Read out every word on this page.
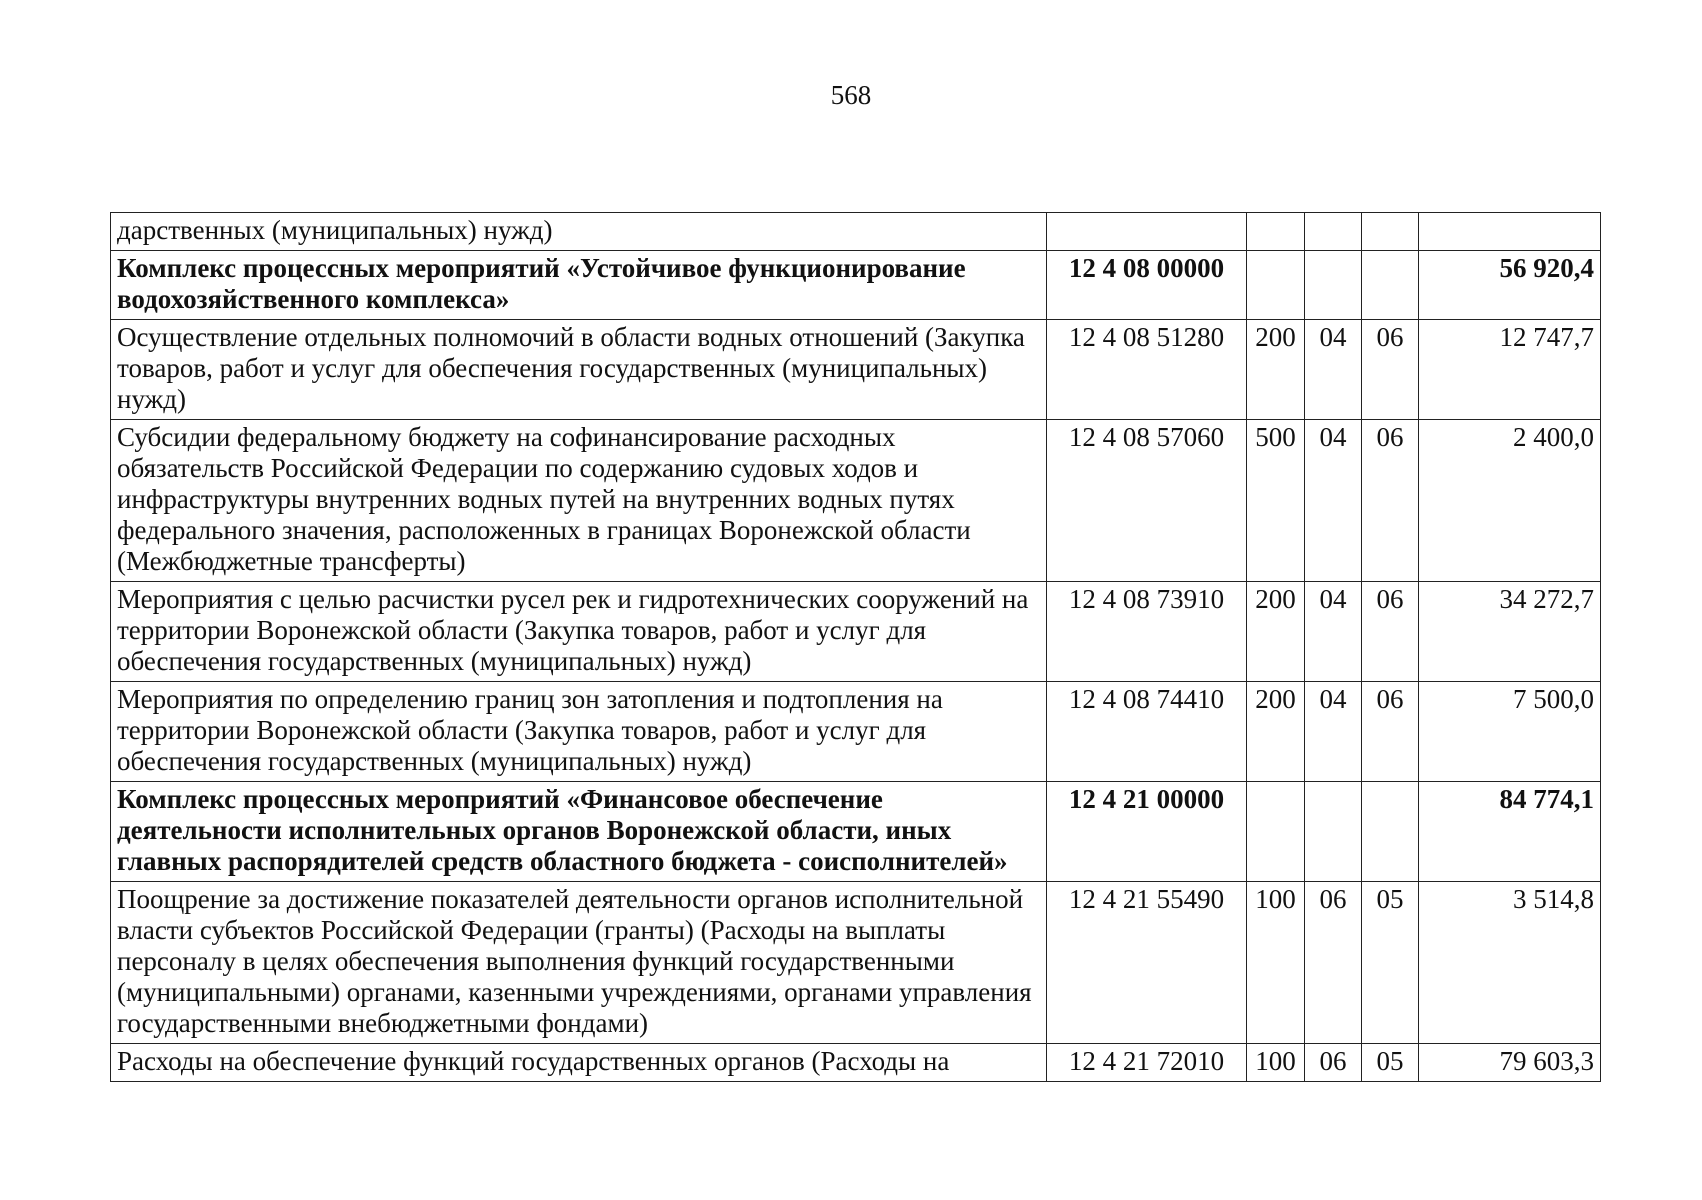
568
дарственных (муниципальных) нужд)					
Комплекс процессных мероприятий «Устойчивое функционирование водохозяйственного комплекса»	12 4 08 00000				56 920,4
Осуществление отдельных полномочий в области водных отношений (Закупка товаров, работ и услуг для обеспечения государственных (муниципальных) нужд)	12 4 08 51280	200	04	06	12 747,7
Субсидии федеральному бюджету на софинансирование расходных обязательств Российской Федерации по содержанию судовых ходов и инфраструктуры внутренних водных путей на внутренних водных путях федерального значения, расположенных в границах Воронежской области (Межбюджетные трансферты)	12 4 08 57060	500	04	06	2 400,0
Мероприятия с целью расчистки русел рек и гидротехнических сооружений на территории Воронежской области (Закупка товаров, работ и услуг для обеспечения государственных (муниципальных) нужд)	12 4 08 73910	200	04	06	34 272,7
Мероприятия по определению границ зон затопления и подтопления на территории Воронежской области (Закупка товаров, работ и услуг для обеспечения государственных (муниципальных) нужд)	12 4 08 74410	200	04	06	7 500,0
Комплекс процессных мероприятий «Финансовое обеспечение деятельности исполнительных органов Воронежской области, иных главных распорядителей средств областного бюджета - соисполнителей»	12 4 21 00000				84 774,1
Поощрение за достижение показателей деятельности органов исполнительной власти субъектов Российской Федерации (гранты) (Расходы на выплаты персоналу в целях обеспечения выполнения функций государственными (муниципальными) органами, казенными учреждениями, органами управления государственными внебюджетными фондами)	12 4 21 55490	100	06	05	3 514,8
Расходы на обеспечение функций государственных органов (Расходы на	12 4 21 72010	100	06	05	79 603,3
